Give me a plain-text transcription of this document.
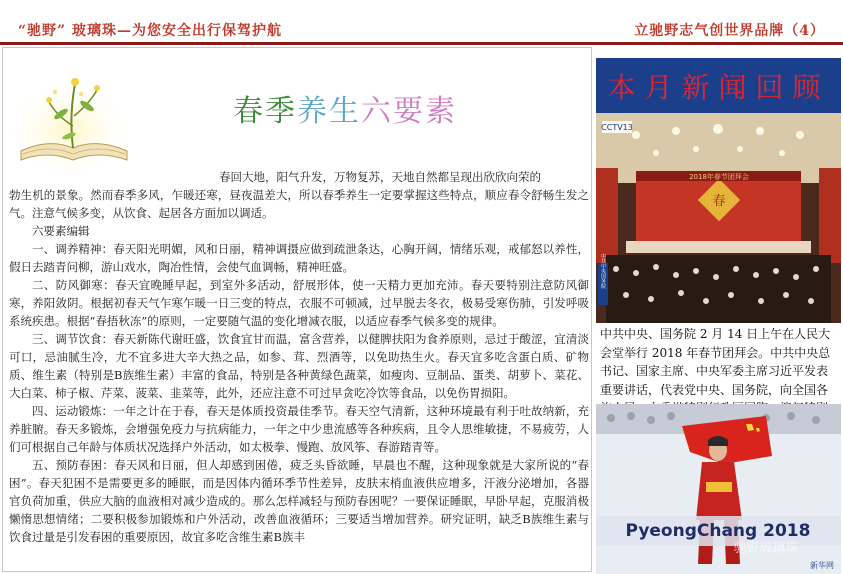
“驰野” 玻璃珠—为您安全出行保驾护航	立驰野志气创世界品牌（4）
春季养生六要素
春回大地，阳气升发，万物复苏，天地自然都呈现出欣欣向荣的

勃生机的景象。然而春季多风，乍暖还寒，昼夜温差大，所以春季养生一定要掌握这些特点，顺应春令舒畅生发之气。注意气候多变，从饮食、起居各方面加以调适。

六要素编辑

一、调养精神：春天阳光明媚，风和日丽，精神调摄应做到疏泄条达，心胸开阔，情绪乐观，戒郁怒以养性，假日去踏青问柳，游山戏水，陶冶性情，会使气血调畅，精神旺盛。

二、防风御寒：春天宜晚睡早起，到室外多活动，舒展形体，使一天精力更加充沛。春天要特别注意防风御寒，养阳敛阴。根据初春天气乍寒乍暖一日三变的特点，衣服不可顿减，过早脱去冬衣，极易受寒伤肺，引发呼吸系统疾患。根据“春捂秋冻”的原则，一定要随气温的变化增减衣服，以适应春季气候多变的规律。

三、调节饮食：春天新陈代谢旺盛，饮食宜甘而温，富含营养，以健脾扶阳为食养原则，忌过于酸涩，宜清淡可口，忌油腻生冷，尤不宜多进大辛大热之品，如参、茸、烈酒等，以免助热生火。春天宜多吃含蛋白质、矿物质、维生素（特别是B族维生素）丰富的食品，特别是各种黄绿色蔬菜，如瘦肉、豆制品、蛋类、胡萝卜、菜花、大白菜、柿子椒、芹菜、菠菜、韭菜等，此外，还应注意不可过早贪吃冷饮等食品，以免伤胃损阳。

四、运动锻炼：一年之计在于春，春天是体质投资最佳季节。春天空气清新，这种环境最有利于吐故纳新，充养脏腑。春天多锻炼，会增强免疫力与抗病能力，一年之中少患流感等各种疾病，且令人思维敏捷，不易疲劳，人们可根据自己年龄与体质状况选择户外活动，如太极拳、慢跑、放风筝、春游踏青等。

五、预防春困：春天风和日丽，但人却感到困倦，疲乏头昏欲睡，早晨也不醒，这种现象就是大家所说的“春困”。春天犯困不是需要更多的睡眠，而是因体内循环季节性差异，皮肤末梢血液供应增多，汗液分泌增加，各器官负荷加重，供应大脑的血液相对减少造成的。那么怎样减轻与预防春困呢？一要保证睡眠，早卧早起，克服消极懒惰思想情绪；二要积极参加锻炼和户外活动，改善血液循环；三要适当增加营养。研究证明，缺乏B族维生素与饮食过量是引发春困的重要原因，故宜多吃含维生素B族丰

本月新闻回顾
春
2018年春节团拜会
CCTV13
中共中央国务院
中共中央、国务院 2 月 14 日上午在人民大会堂举行 2018 年春节团拜会。中共中央总书记、国家主席、中央军委主席习近平发表重要讲话，代表党中央、国务院，向全国各
PyeongChang 2018
驰野玻璃珠
新华网
